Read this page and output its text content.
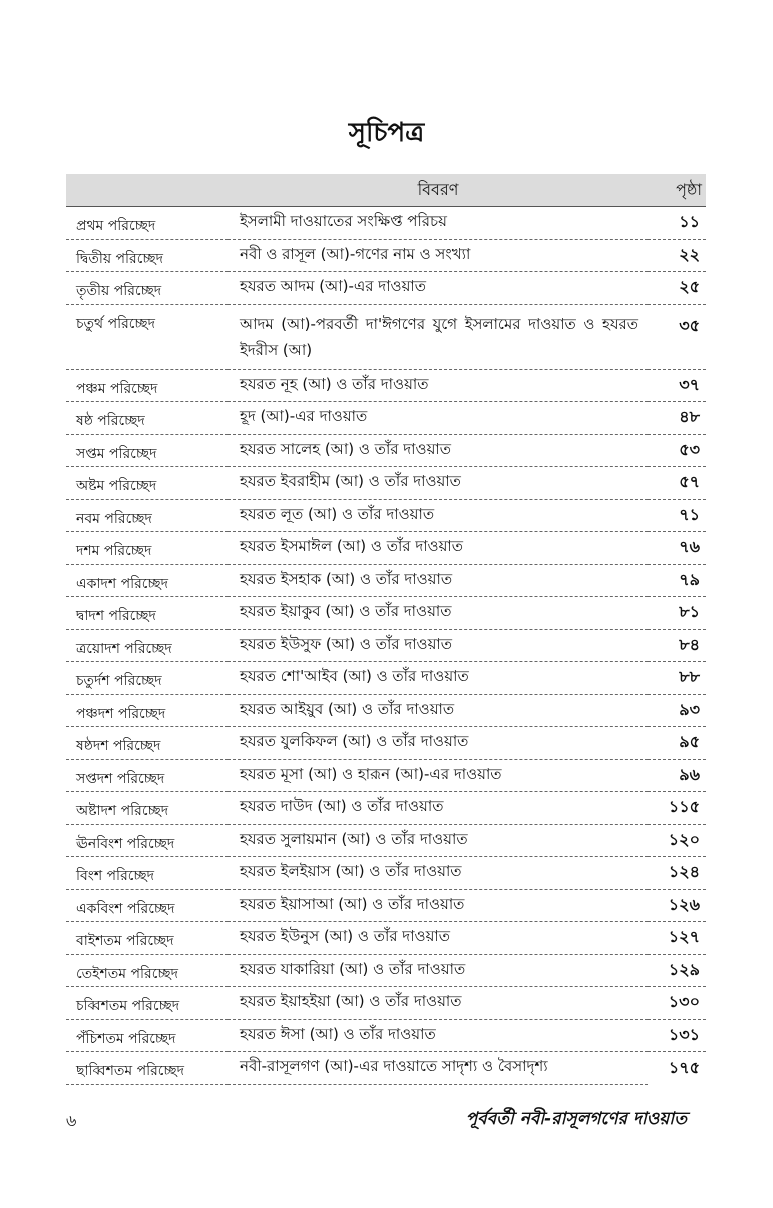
সূচিপত্র
	বিবরণ	পৃষ্ঠা
প্রথম পরিচ্ছেদ	ইসলামী দাওয়াতের সংক্ষিপ্ত পরিচয়	১১
দ্বিতীয় পরিচ্ছেদ	নবী ও রাসূল (আ)-গণের নাম ও সংখ্যা	২২
তৃতীয় পরিচ্ছেদ	হযরত আদম (আ)-এর দাওয়াত	২৫
চতুর্থ পরিচ্ছেদ	আদম (আ)-পরবর্তী দা'ঈগণের যুগে ইসলামের দাওয়াত ও হযরত ইদরীস (আ)	৩৫
পঞ্চম পরিচ্ছেদ	হযরত নূহ (আ) ও তাঁর দাওয়াত	৩৭
ষষ্ঠ পরিচ্ছেদ	হূদ (আ)-এর দাওয়াত	৪৮
সপ্তম পরিচ্ছেদ	হযরত সালেহ (আ) ও তাঁর দাওয়াত	৫৩
অষ্টম পরিচ্ছেদ	হযরত ইবরাহীম (আ) ও তাঁর দাওয়াত	৫৭
নবম পরিচ্ছেদ	হযরত লূত (আ) ও তাঁর দাওয়াত	৭১
দশম পরিচ্ছেদ	হযরত ইসমাঈল (আ) ও তাঁর দাওয়াত	৭৬
একাদশ পরিচ্ছেদ	হযরত ইসহাক (আ) ও তাঁর দাওয়াত	৭৯
দ্বাদশ পরিচ্ছেদ	হযরত ইয়াকুব (আ) ও তাঁর দাওয়াত	৮১
ত্রয়োদশ পরিচ্ছেদ	হযরত ইউসুফ (আ) ও তাঁর দাওয়াত	৮৪
চতুর্দশ পরিচ্ছেদ	হযরত শো'আইব (আ) ও তাঁর দাওয়াত	৮৮
পঞ্চদশ পরিচ্ছেদ	হযরত আইয়ুব (আ) ও তাঁর দাওয়াত	৯৩
ষষ্ঠদশ পরিচ্ছেদ	হযরত যুলকিফল (আ) ও তাঁর দাওয়াত	৯৫
সপ্তদশ পরিচ্ছেদ	হযরত মূসা (আ) ও হারূন (আ)-এর দাওয়াত	৯৬
অষ্টাদশ পরিচ্ছেদ	হযরত দাউদ (আ) ও তাঁর দাওয়াত	১১৫
ঊনবিংশ পরিচ্ছেদ	হযরত সুলায়মান (আ) ও তাঁর দাওয়াত	১২০
বিংশ পরিচ্ছেদ	হযরত ইলইয়াস (আ) ও তাঁর দাওয়াত	১২৪
একবিংশ পরিচ্ছেদ	হযরত ইয়াসাআ (আ) ও তাঁর দাওয়াত	১২৬
বাইশতম পরিচ্ছেদ	হযরত ইউনুস (আ) ও তাঁর দাওয়াত	১২৭
তেইশতম পরিচ্ছেদ	হযরত যাকারিয়া (আ) ও তাঁর দাওয়াত	১২৯
চব্বিশতম পরিচ্ছেদ	হযরত ইয়াহইয়া (আ) ও তাঁর দাওয়াত	১৩০
পঁচিশতম পরিচ্ছেদ	হযরত ঈসা (আ) ও তাঁর দাওয়াত	১৩১
ছাব্বিশতম পরিচ্ছেদ	নবী-রাসূলগণ (আ)-এর দাওয়াতে সাদৃশ্য ও বৈসাদৃশ্য	১৭৫
৬	পূর্ববর্তী নবী-রাসূলগণের দাওয়াত
